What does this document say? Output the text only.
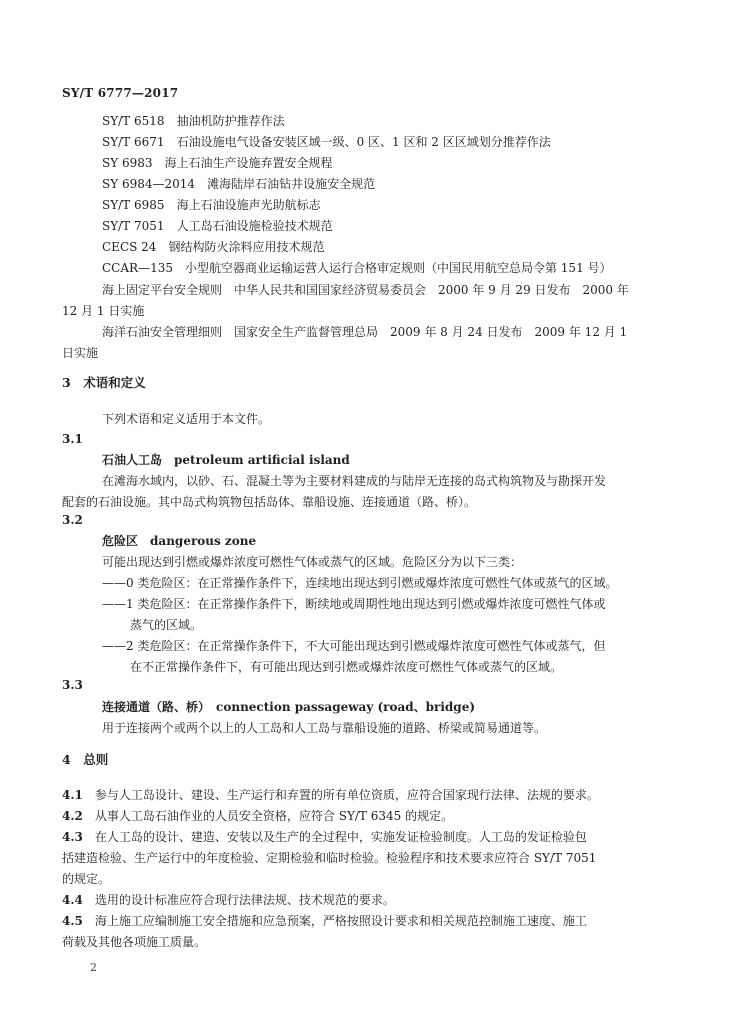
SY/T 6777—2017
SY/T 6518　 抽油机防护推荐作法
SY/T 6671　 石油设施电气设备安装区域一级、0 区、1 区和 2 区区域划分推荐作法
SY 6983　 海上石油生产设施弃置安全规程
SY 6984—2014　 滩海陆岸石油钻井设施安全规范
SY/T 6985　 海上石油设施声光助航标志
SY/T 7051　 人工岛石油设施检验技术规范
CECS 24　 钢结构防火涂料应用技术规范
CCAR—135　 小型航空器商业运输运营人运行合格审定规则（中国民用航空总局令第 151 号）
海上固定平台安全规则　中华人民共和国国家经济贸易委员会　2000 年 9 月 29 日发布　2000 年
12 月 1 日实施
海洋石油安全管理细则　国家安全生产监督管理总局　2009 年 8 月 24 日发布　2009 年 12 月 1
日实施
3　 术语和定义
下列术语和定义适用于本文件。
3.1
石油人工岛　 petroleum artificial island
在滩海水域内，以砂、石、混凝土等为主要材料建成的与陆岸无连接的岛式构筑物及与勘探开发
配套的石油设施。其中岛式构筑物包括岛体、靠船设施、连接通道（路、桥）。
3.2
危险区　 dangerous zone
可能出现达到引燃或爆炸浓度可燃性气体或蒸气的区域。危险区分为以下三类：
——0 类危险区：在正常操作条件下，连续地出现达到引燃或爆炸浓度可燃性气体或蒸气的区域。
——1 类危险区：在正常操作条件下，断续地或周期性地出现达到引燃或爆炸浓度可燃性气体或
蒸气的区域。
——2 类危险区：在正常操作条件下，不大可能出现达到引燃或爆炸浓度可燃性气体或蒸气，但
在不正常操作条件下，有可能出现达到引燃或爆炸浓度可燃性气体或蒸气的区域。
3.3
连接通道（路、桥）　 connection passageway (road、bridge)
用于连接两个或两个以上的人工岛和人工岛与靠船设施的道路、桥梁或简易通道等。
4　 总则
4.1　 参与人工岛设计、建设、生产运行和弃置的所有单位资质，应符合国家现行法律、法规的要求。
4.2　 从事人工岛石油作业的人员安全资格，应符合 SY/T 6345 的规定。
4.3　 在人工岛的设计、建造、安装以及生产的全过程中，实施发证检验制度。人工岛的发证检验包
括建造检验、生产运行中的年度检验、定期检验和临时检验。检验程序和技术要求应符合 SY/T 7051
的规定。
4.4　 选用的设计标准应符合现行法律法规、技术规范的要求。
4.5　 海上施工应编制施工安全措施和应急预案，严格按照设计要求和相关规范控制施工速度、施工
荷载及其他各项施工质量。
2
